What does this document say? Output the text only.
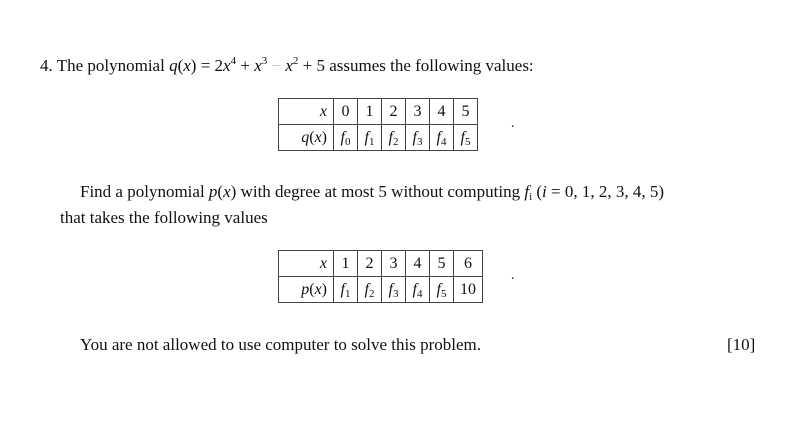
4. The polynomial $q(x) = 2x^4 + x^3 - x^2 + 5$ assumes the following values:
x	0	1	2	3	4	5
q(x)	$f_0$	$f_1$	$f_2$	$f_3$	$f_4$	$f_5$
.
Find a polynomial p(x) with degree at most 5 without computing $f_i$ (i = 0, 1, 2, 3, 4, 5)
that takes the following values
x	1	2	3	4	5	6
p(x)	$f_1$	$f_2$	$f_3$	$f_4$	$f_5$	10
.
You are not allowed to use computer to solve this problem.	[10]
